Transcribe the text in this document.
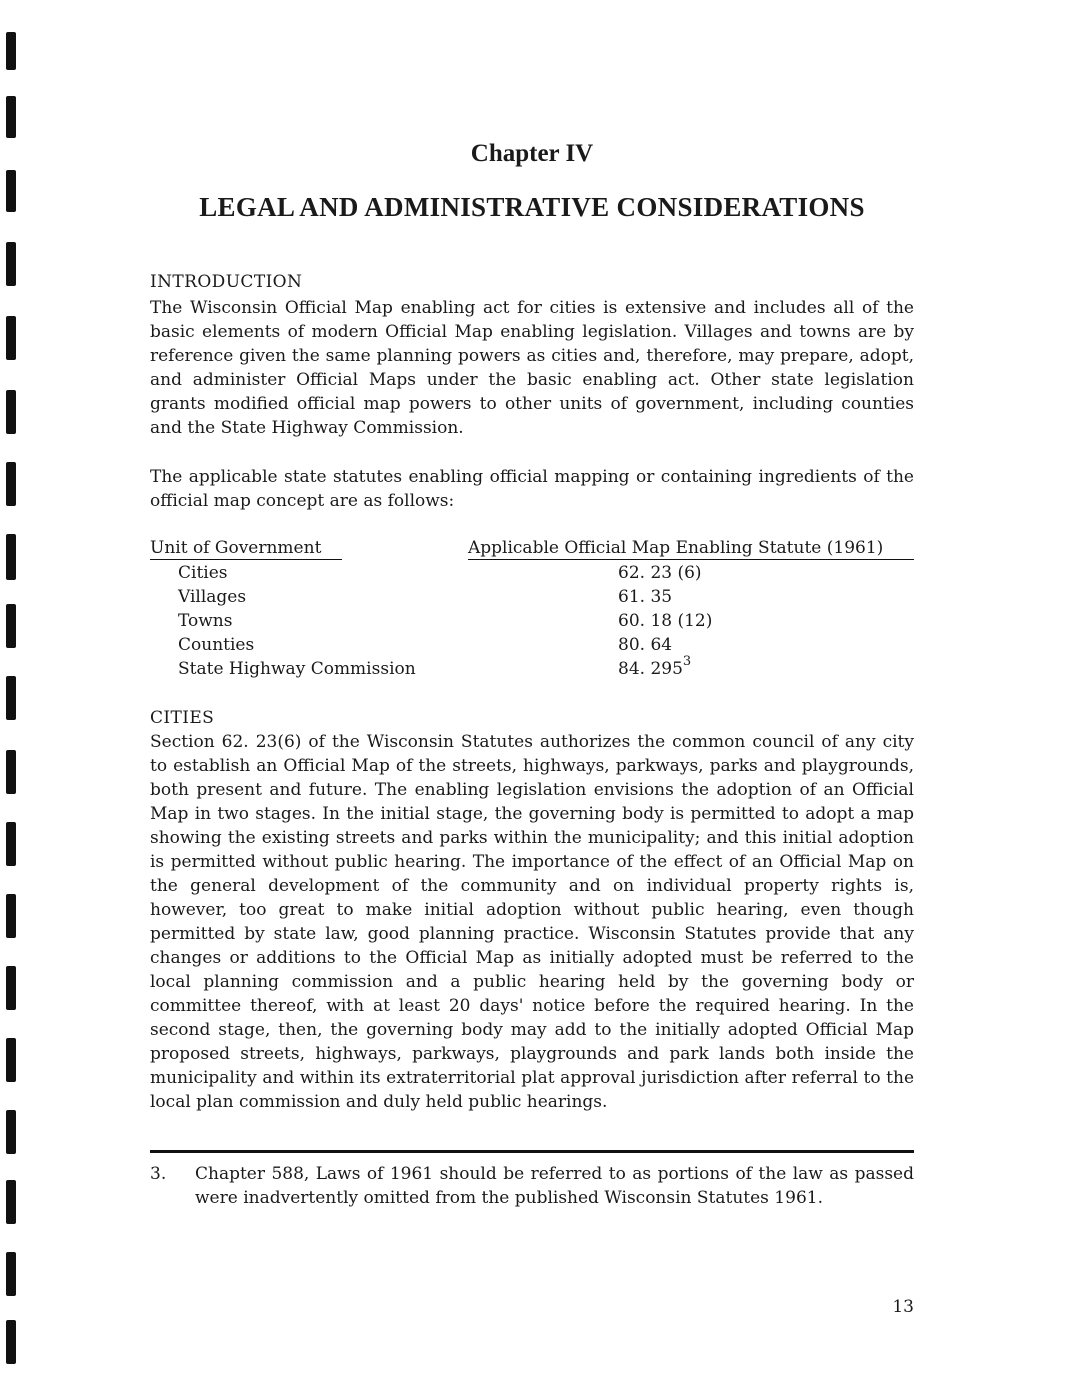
Chapter IV
LEGAL AND ADMINISTRATIVE CONSIDERATIONS
INTRODUCTION

The Wisconsin Official Map enabling act for cities is extensive and includes all of the basic elements of modern Official Map enabling legislation. Villages and towns are by reference given the same planning powers as cities and, therefore, may prepare, adopt, and administer Official Maps under the basic enabling act. Other state legislation grants modified official map powers to other units of government, including counties and the State Highway Commission.

The applicable state statutes enabling official mapping or containing ingredients of the official map concept are as follows:

Unit of Government	Applicable Official Map Enabling Statute (1961)
Cities	62. 23 (6)
Villages	61. 35
Towns	60. 18 (12)
Counties	80. 64
State Highway Commission	84. $295^3$
CITIES

Section 62. 23(6) of the Wisconsin Statutes authorizes the common council of any city to establish an Official Map of the streets, highways, parkways, parks and playgrounds, both present and future. The enabling legislation envisions the adoption of an Official Map in two stages. In the initial stage, the governing body is permitted to adopt a map showing the existing streets and parks within the municipality; and this initial adoption is permitted without public hearing. The importance of the effect of an Official Map on the general development of the community and on individual property rights is, however, too great to make initial adoption without public hearing, even though permitted by state law, good planning practice. Wisconsin Statutes provide that any changes or additions to the Official Map as initially adopted must be referred to the local planning commission and a public hearing held by the governing body or committee thereof, with at least 20 days' notice before the required hearing. In the second stage, then, the governing body may add to the initially adopted Official Map proposed streets, highways, parkways, playgrounds and park lands both inside the municipality and within its extraterritorial plat approval jurisdiction after referral to the local plan commission and duly held public hearings.

3. Chapter 588, Laws of 1961 should be referred to as portions of the law as passed were inadvertently omitted from the published Wisconsin Statutes 1961.
13
